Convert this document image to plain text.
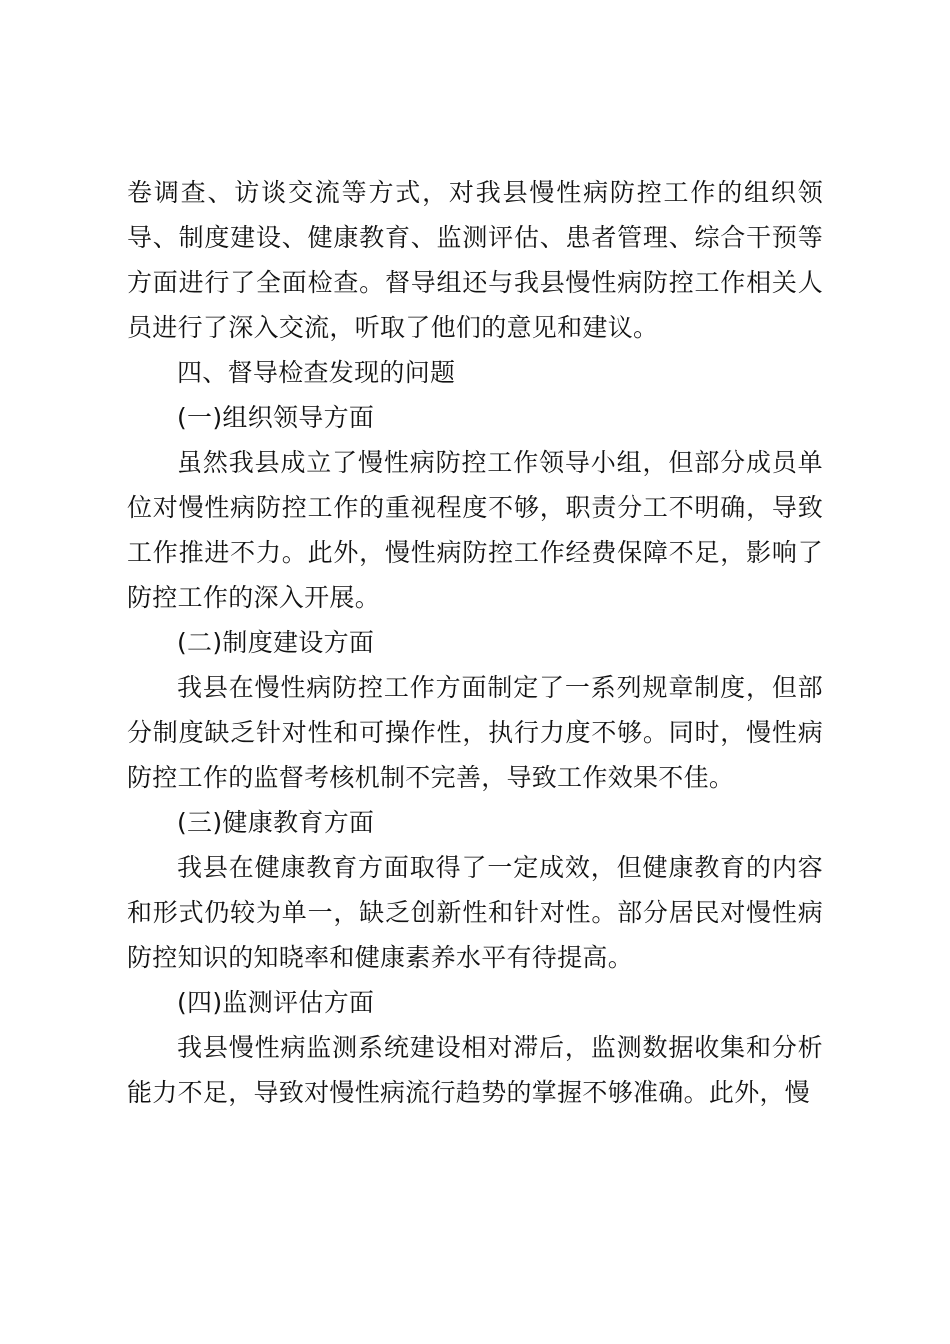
卷调查、访谈交流等方式，对我县慢性病防控工作的组织领导、制度建设、健康教育、监测评估、患者管理、综合干预等方面进行了全面检查。督导组还与我县慢性病防控工作相关人员进行了深入交流，听取了他们的意见和建议。

四、督导检查发现的问题

(一)组织领导方面

虽然我县成立了慢性病防控工作领导小组，但部分成员单位对慢性病防控工作的重视程度不够，职责分工不明确，导致工作推进不力。此外，慢性病防控工作经费保障不足，影响了防控工作的深入开展。

(二)制度建设方面

我县在慢性病防控工作方面制定了一系列规章制度，但部分制度缺乏针对性和可操作性，执行力度不够。同时，慢性病防控工作的监督考核机制不完善，导致工作效果不佳。

(三)健康教育方面

我县在健康教育方面取得了一定成效，但健康教育的内容和形式仍较为单一，缺乏创新性和针对性。部分居民对慢性病防控知识的知晓率和健康素养水平有待提高。

(四)监测评估方面

我县慢性病监测系统建设相对滞后，监测数据收集和分析能力不足，导致对慢性病流行趋势的掌握不够准确。此外，慢
